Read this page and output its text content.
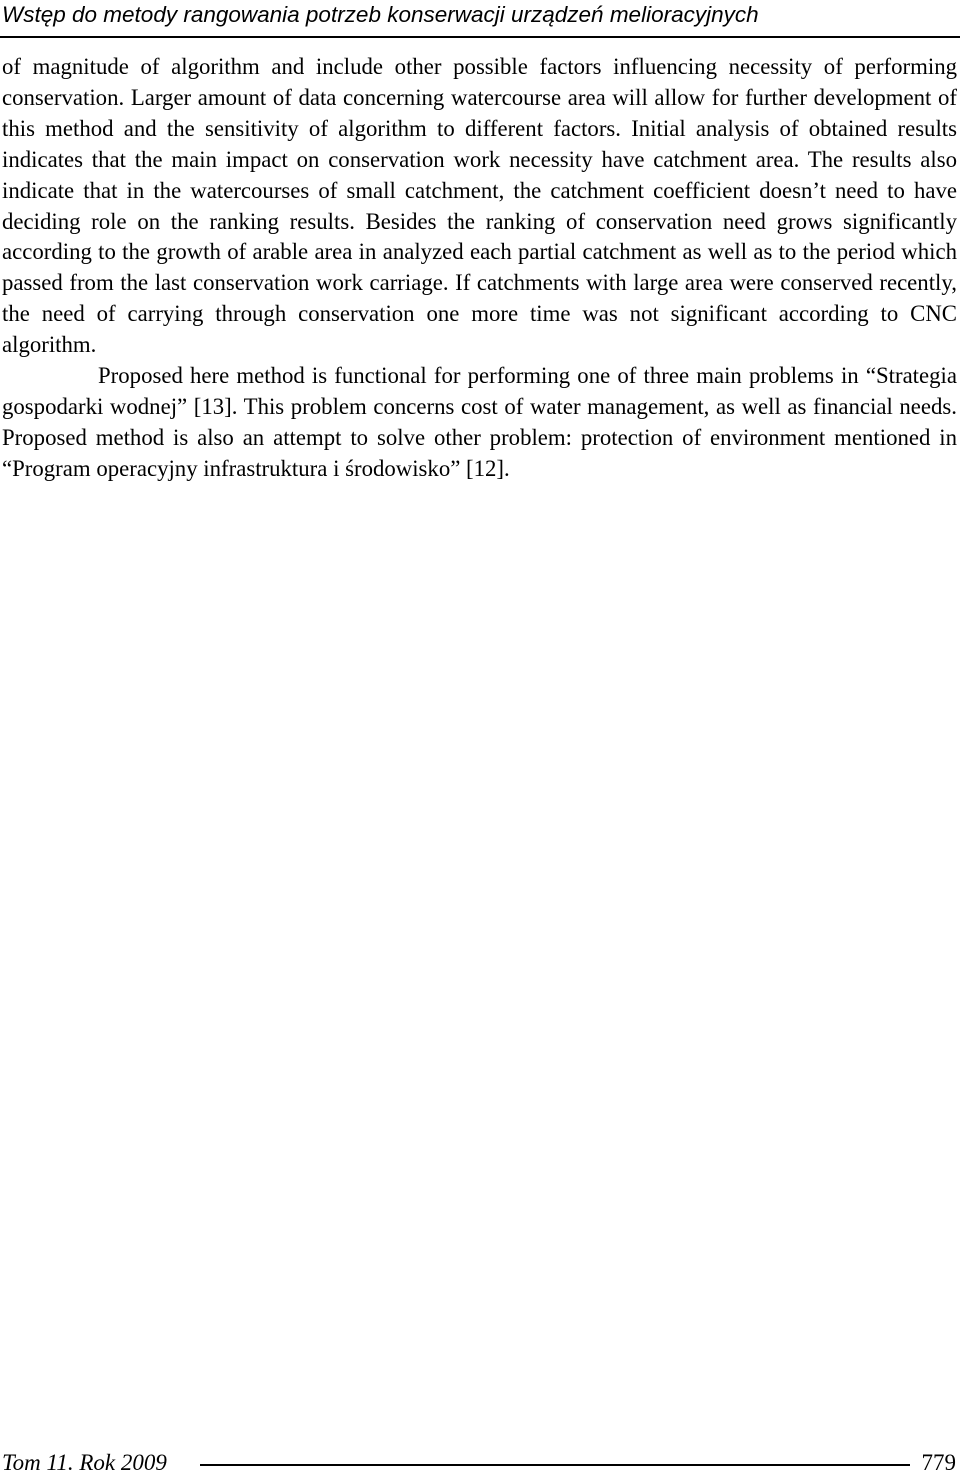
Wstęp do metody rangowania potrzeb konserwacji urządzeń melioracyjnych

of magnitude of algorithm and include other possible factors influencing necessity of performing conservation. Larger amount of data concerning watercourse area will allow for further development of this method and the sensitivity of algorithm to different factors. Initial analysis of obtained results indicates that the main impact on conservation work necessity have catchment area. The results also indicate that in the watercourses of small catchment, the catchment coefficient doesn’t need to have deciding role on the ranking results. Besides the ranking of conservation need grows significantly according to the growth of arable area in analyzed each partial catchment as well as to the period which passed from the last conservation work carriage. If catchments with large area were conserved recently, the need of carrying through conservation one more time was not significant according to CNC algorithm.

Proposed here method is functional for performing one of three main problems in “Strategia gospodarki wodnej” [13]. This problem concerns cost of water management, as well as financial needs. Proposed method is also an attempt to solve other problem: protection of environment mentioned in “Program operacyjny infrastruktura i środowisko” [12].

Tom 11. Rok 2009	779
